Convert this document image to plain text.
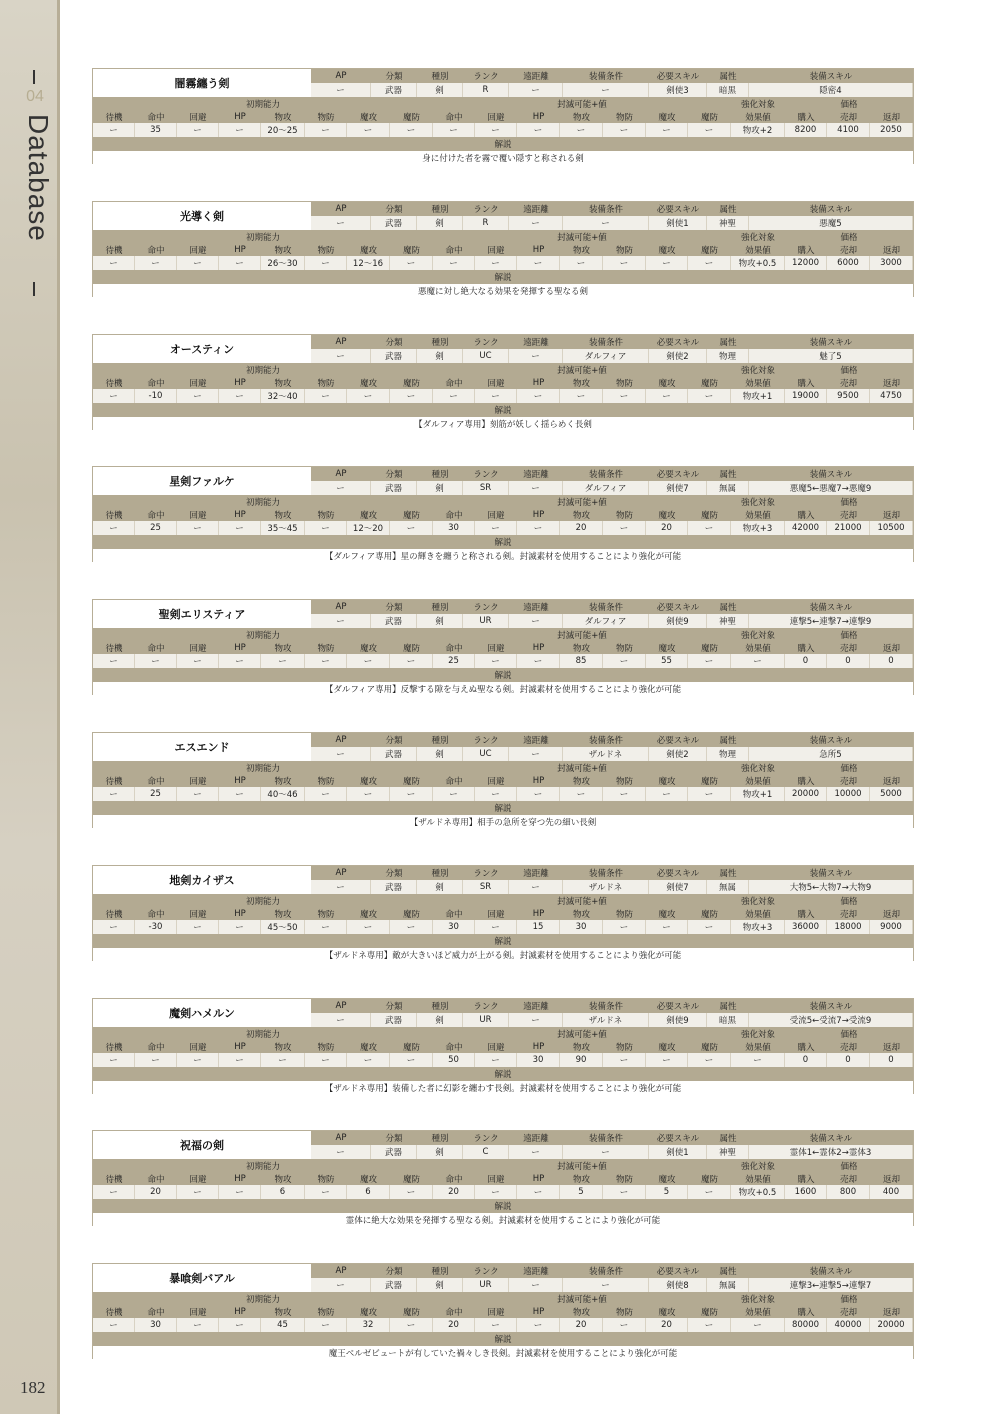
04
Database
182
闇霧纏う剣
AP	分類	種別	ランク	遠距離	装備条件	必要スキル	属性	装備スキル
ー	武器	剣	R	ー	ー	剣使3	暗黒	隠密4
初期能力	封滅可能+値	強化対象	価格
待機	命中	回避	HP	物攻	物防	魔攻	魔防	命中	回避	HP	物攻	物防	魔攻	魔防	効果値	購入	売却	返却
ー	35	ー	ー	20～25	ー	ー	ー	ー	ー	ー	ー	ー	ー	ー	物攻+2	8200	4100	2050
解説
身に付けた者を霧で覆い隠すと称される剣
光導く剣
AP	分類	種別	ランク	遠距離	装備条件	必要スキル	属性	装備スキル
ー	武器	剣	R	ー	ー	剣使1	神聖	悪魔5
初期能力	封滅可能+値	強化対象	価格
待機	命中	回避	HP	物攻	物防	魔攻	魔防	命中	回避	HP	物攻	物防	魔攻	魔防	効果値	購入	売却	返却
ー	ー	ー	ー	26～30	ー	12～16	ー	ー	ー	ー	ー	ー	ー	ー	物攻+0.5	12000	6000	3000
解説
悪魔に対し絶大なる効果を発揮する聖なる剣
オースティン
AP	分類	種別	ランク	遠距離	装備条件	必要スキル	属性	装備スキル
ー	武器	剣	UC	ー	ダルフィア	剣使2	物理	魅了5
初期能力	封滅可能+値	強化対象	価格
待機	命中	回避	HP	物攻	物防	魔攻	魔防	命中	回避	HP	物攻	物防	魔攻	魔防	効果値	購入	売却	返却
ー	-10	ー	ー	32～40	ー	ー	ー	ー	ー	ー	ー	ー	ー	ー	物攻+1	19000	9500	4750
解説
【ダルフィア専用】刻筋が妖しく揺らめく長剣
星剣ファルケ
AP	分類	種別	ランク	遠距離	装備条件	必要スキル	属性	装備スキル
ー	武器	剣	SR	ー	ダルフィア	剣使7	無属	悪魔5←悪魔7→悪魔9
初期能力	封滅可能+値	強化対象	価格
待機	命中	回避	HP	物攻	物防	魔攻	魔防	命中	回避	HP	物攻	物防	魔攻	魔防	効果値	購入	売却	返却
ー	25	ー	ー	35～45	ー	12～20	ー	30	ー	ー	20	ー	20	ー	物攻+3	42000	21000	10500
解説
【ダルフィア専用】星の輝きを纏うと称される剣。封滅素材を使用することにより強化が可能
聖剣エリスティア
AP	分類	種別	ランク	遠距離	装備条件	必要スキル	属性	装備スキル
ー	武器	剣	UR	ー	ダルフィア	剣使9	神聖	連撃5←連撃7→連撃9
初期能力	封滅可能+値	強化対象	価格
待機	命中	回避	HP	物攻	物防	魔攻	魔防	命中	回避	HP	物攻	物防	魔攻	魔防	効果値	購入	売却	返却
ー	ー	ー	ー	ー	ー	ー	ー	25	ー	ー	85	ー	55	ー	ー	0	0	0
解説
【ダルフィア専用】反撃する隙を与えぬ聖なる剣。封滅素材を使用することにより強化が可能
エスエンド
AP	分類	種別	ランク	遠距離	装備条件	必要スキル	属性	装備スキル
ー	武器	剣	UC	ー	ザルドネ	剣使2	物理	急所5
初期能力	封滅可能+値	強化対象	価格
待機	命中	回避	HP	物攻	物防	魔攻	魔防	命中	回避	HP	物攻	物防	魔攻	魔防	効果値	購入	売却	返却
ー	25	ー	ー	40～46	ー	ー	ー	ー	ー	ー	ー	ー	ー	ー	物攻+1	20000	10000	5000
解説
【ザルドネ専用】相手の急所を穿つ先の細い長剣
地剣カイザス
AP	分類	種別	ランク	遠距離	装備条件	必要スキル	属性	装備スキル
ー	武器	剣	SR	ー	ザルドネ	剣使7	無属	大物5←大物7→大物9
初期能力	封滅可能+値	強化対象	価格
待機	命中	回避	HP	物攻	物防	魔攻	魔防	命中	回避	HP	物攻	物防	魔攻	魔防	効果値	購入	売却	返却
ー	-30	ー	ー	45～50	ー	ー	ー	30	ー	15	30	ー	ー	ー	物攻+3	36000	18000	9000
解説
【ザルドネ専用】敵が大きいほど威力が上がる剣。封滅素材を使用することにより強化が可能
魔剣ハメルン
AP	分類	種別	ランク	遠距離	装備条件	必要スキル	属性	装備スキル
ー	武器	剣	UR	ー	ザルドネ	剣使9	暗黒	受流5←受流7→受流9
初期能力	封滅可能+値	強化対象	価格
待機	命中	回避	HP	物攻	物防	魔攻	魔防	命中	回避	HP	物攻	物防	魔攻	魔防	効果値	購入	売却	返却
ー	ー	ー	ー	ー	ー	ー	ー	50	ー	30	90	ー	ー	ー	ー	0	0	0
解説
【ザルドネ専用】装備した者に幻影を纏わす長剣。封滅素材を使用することにより強化が可能
祝福の剣
AP	分類	種別	ランク	遠距離	装備条件	必要スキル	属性	装備スキル
ー	武器	剣	C	ー	ー	剣使1	神聖	霊体1←霊体2→霊体3
初期能力	封滅可能+値	強化対象	価格
待機	命中	回避	HP	物攻	物防	魔攻	魔防	命中	回避	HP	物攻	物防	魔攻	魔防	効果値	購入	売却	返却
ー	20	ー	ー	6	ー	6	ー	20	ー	ー	5	ー	5	ー	物攻+0.5	1600	800	400
解説
霊体に絶大な効果を発揮する聖なる剣。封滅素材を使用することにより強化が可能
暴喰剣バアル
AP	分類	種別	ランク	遠距離	装備条件	必要スキル	属性	装備スキル
ー	武器	剣	UR	ー	ー	剣使8	無属	連撃3←連撃5→連撃7
初期能力	封滅可能+値	強化対象	価格
待機	命中	回避	HP	物攻	物防	魔攻	魔防	命中	回避	HP	物攻	物防	魔攻	魔防	効果値	購入	売却	返却
ー	30	ー	ー	45	ー	32	ー	20	ー	ー	20	ー	20	ー	ー	80000	40000	20000
解説
魔王ベルゼビュートが有していた禍々しき長剣。封滅素材を使用することにより強化が可能
